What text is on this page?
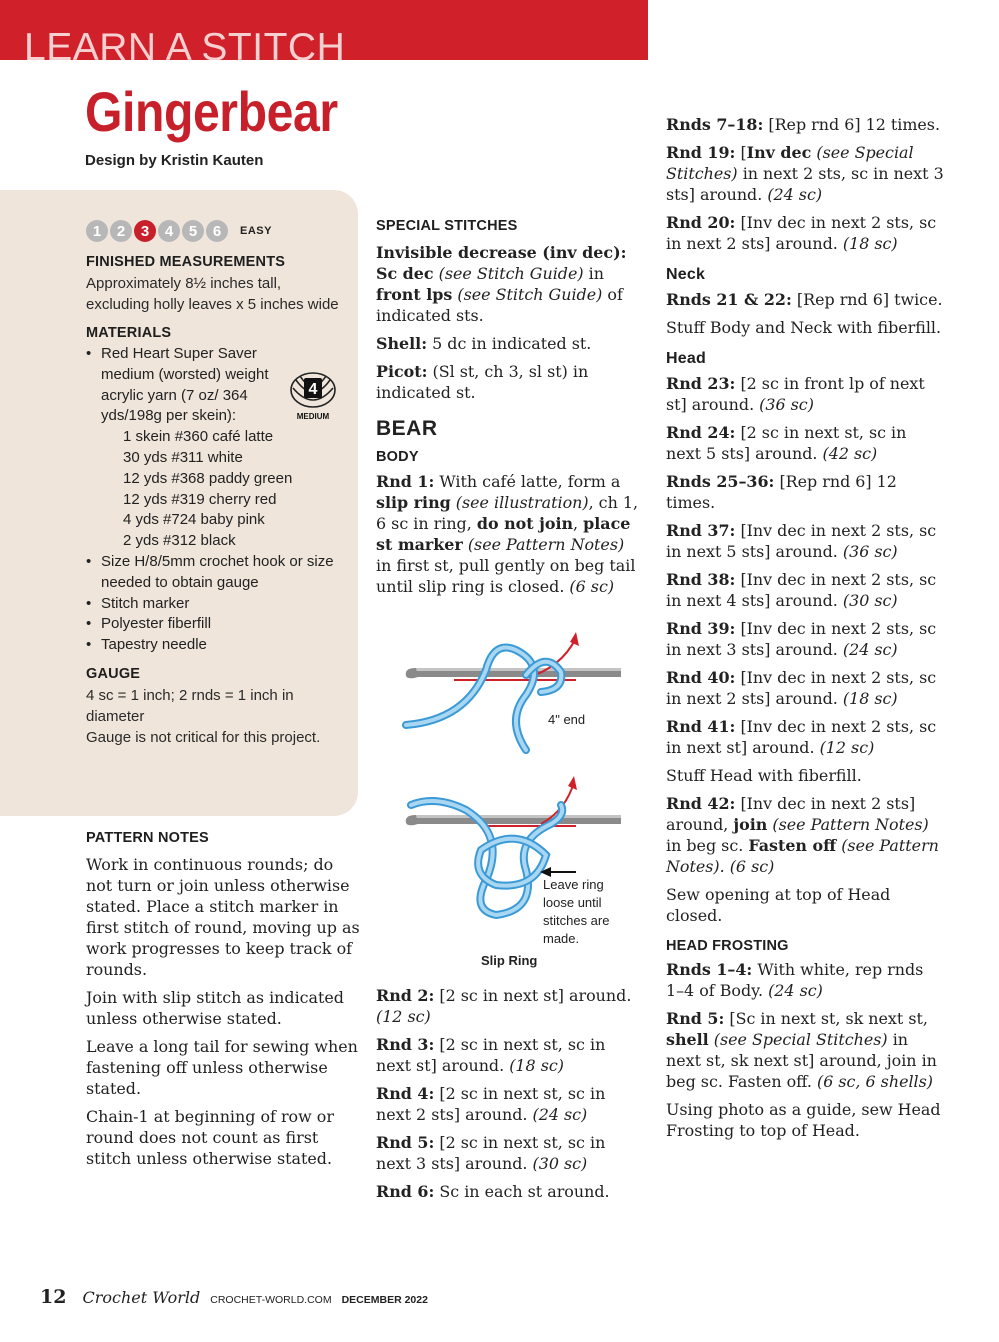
LEARN A STITCH
Gingerbear
Design by Kristin Kauten
4
MEDIUM
1	2	3	4	5	6	EASY
FINISHED MEASUREMENTS
Approximately 8½ inches tall, excluding holly leaves x 5 inches wide
MATERIALS
• Red Heart Super Saver medium (worsted) weight acrylic yarn (7 oz/ 364 yds/198g per skein):
1 skein #360 café latte
30 yds #311 white
12 yds #368 paddy green
12 yds #319 cherry red
4 yds #724 baby pink
2 yds #312 black
• Size H/8/5mm crochet hook or size needed to obtain gauge
• Stitch marker
• Polyester fiberfill
• Tapestry needle
GAUGE
4 sc = 1 inch; 2 rnds = 1 inch in diameter
Gauge is not critical for this project.
PATTERN NOTES

Work in continuous rounds; do not turn or join unless otherwise stated. Place a stitch marker in first stitch of round, moving up as work progresses to keep track of rounds.

Join with slip stitch as indicated unless otherwise stated.

Leave a long tail for sewing when fastening off unless otherwise stated.

Chain-1 at beginning of row or round does not count as first stitch unless otherwise stated.

SPECIAL STITCHES

Invisible decrease (inv dec): Sc dec (see Stitch Guide) in front lps (see Stitch Guide) of indicated sts.

Shell: 5 dc in indicated st.

Picot: (Sl st, ch 3, sl st) in indicated st.

BEAR
BODY

Rnd 1: With café latte, form a slip ring (see illustration), ch 1, 6 sc in ring, do not join, place st marker (see Pattern Notes) in first st, pull gently on beg tail until slip ring is closed. (6 sc)

4" end
Leave ring
loose until
stitches are
made.
Slip Ring

Rnd 2: [2 sc in next st] around. (12 sc)

Rnd 3: [2 sc in next st, sc in next st] around. (18 sc)

Rnd 4: [2 sc in next st, sc in next 2 sts] around. (24 sc)

Rnd 5: [2 sc in next st, sc in next 3 sts] around. (30 sc)

Rnd 6: Sc in each st around.

Rnds 7–18: [Rep rnd 6] 12 times.

Rnd 19: [Inv dec (see Special Stitches) in next 2 sts, sc in next 3 sts] around. (24 sc)

Rnd 20: [Inv dec in next 2 sts, sc in next 2 sts] around. (18 sc)

Neck

Rnds 21 & 22: [Rep rnd 6] twice.

Stuff Body and Neck with fiberfill.

Head

Rnd 23: [2 sc in front lp of next st] around. (36 sc)

Rnd 24: [2 sc in next st, sc in next 5 sts] around. (42 sc)

Rnds 25–36: [Rep rnd 6] 12 times.

Rnd 37: [Inv dec in next 2 sts, sc in next 5 sts] around. (36 sc)

Rnd 38: [Inv dec in next 2 sts, sc in next 4 sts] around. (30 sc)

Rnd 39: [Inv dec in next 2 sts, sc in next 3 sts] around. (24 sc)

Rnd 40: [Inv dec in next 2 sts, sc in next 2 sts] around. (18 sc)

Rnd 41: [Inv dec in next 2 sts, sc in next st] around. (12 sc)

Stuff Head with fiberfill.

Rnd 42: [Inv dec in next 2 sts] around, join (see Pattern Notes) in beg sc. Fasten off (see Pattern Notes). (6 sc)

Sew opening at top of Head closed.

HEAD FROSTING

Rnds 1–4: With white, rep rnds 1–4 of Body. (24 sc)

Rnd 5: [Sc in next st, sk next st, shell (see Special Stitches) in next st, sk next st] around, join in beg sc. Fasten off. (6 sc, 6 shells)

Using photo as a guide, sew Head Frosting to top of Head.

12 Crochet World CROCHET-WORLD.COM DECEMBER 2022
